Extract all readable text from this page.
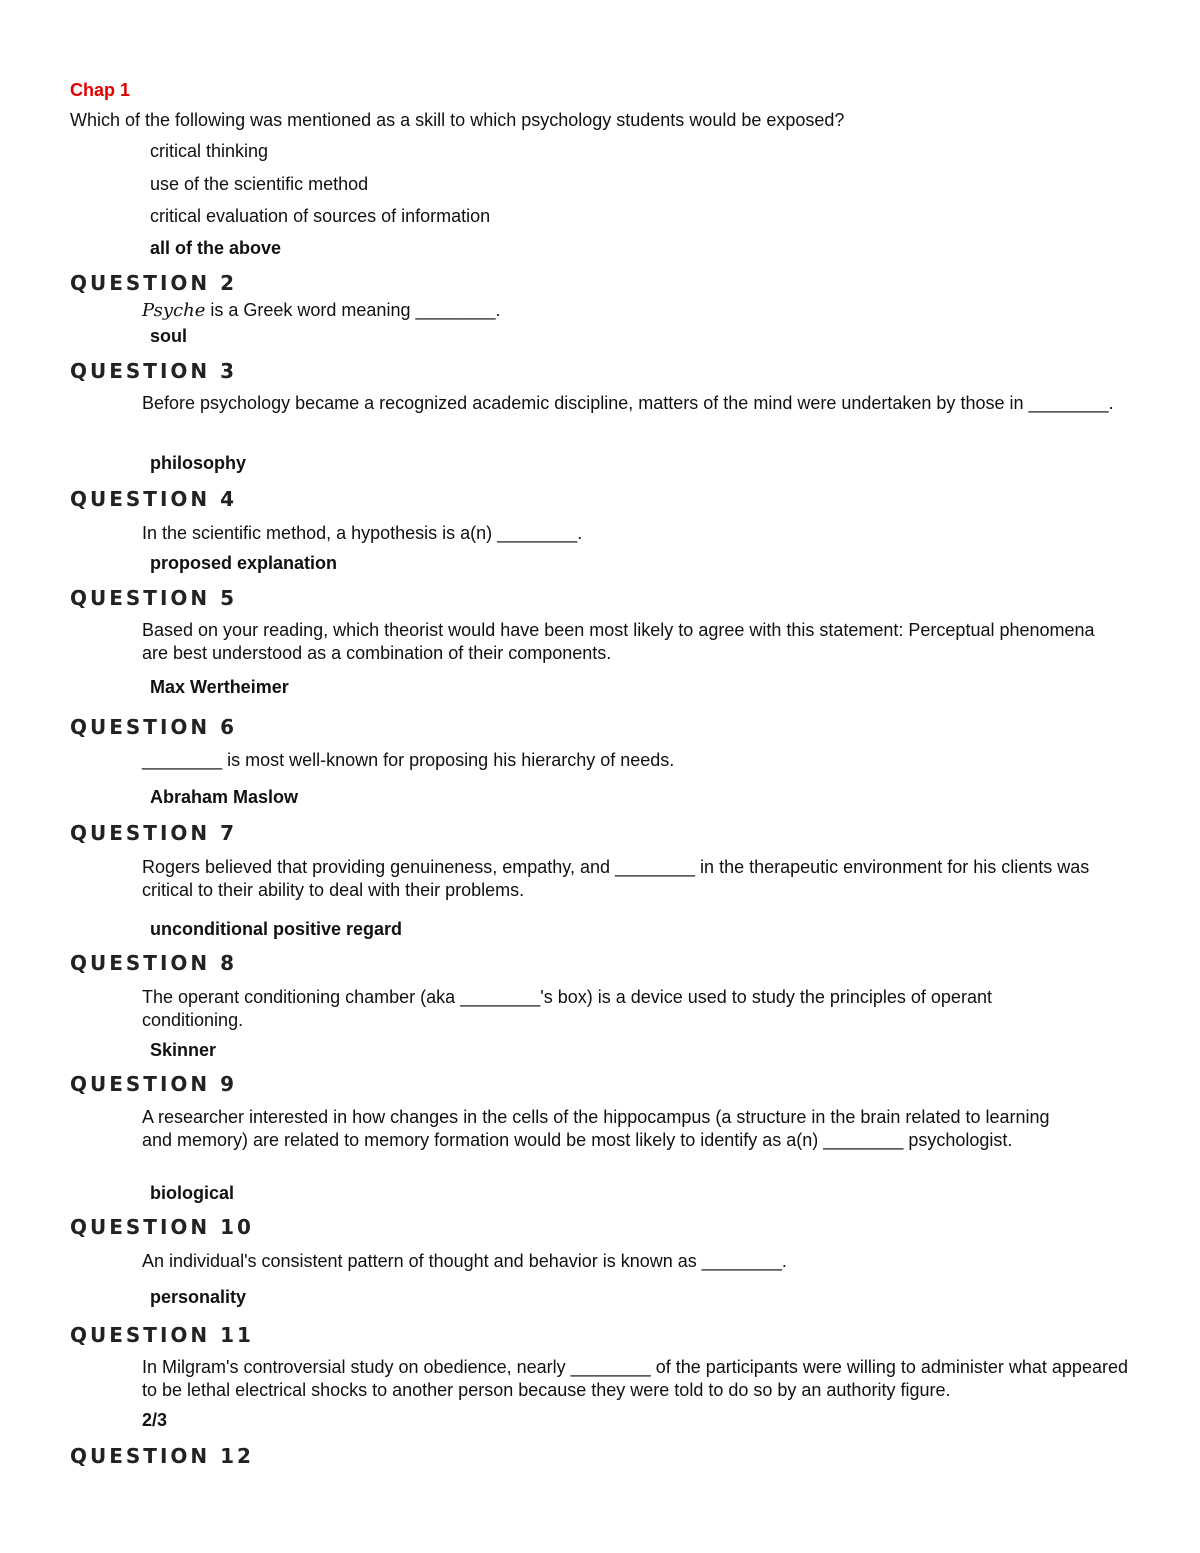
Chap 1
Which of the following was mentioned as a skill to which psychology students would be exposed?
critical thinking
use of the scientific method
critical evaluation of sources of information
all of the above
QUESTION 2
Psyche is a Greek word meaning ________.
soul
QUESTION 3
Before psychology became a recognized academic discipline, matters of the mind were undertaken by those in ________.
philosophy
QUESTION 4
In the scientific method, a hypothesis is a(n) ________.
proposed explanation
QUESTION 5
Based on your reading, which theorist would have been most likely to agree with this statement: Perceptual phenomena are best understood as a combination of their components.
Max Wertheimer
QUESTION 6
________ is most well-known for proposing his hierarchy of needs.
Abraham Maslow
QUESTION 7
Rogers believed that providing genuineness, empathy, and ________ in the therapeutic environment for his clients was critical to their ability to deal with their problems.
unconditional positive regard
QUESTION 8
The operant conditioning chamber (aka ________'s box) is a device used to study the principles of operant conditioning.
Skinner
QUESTION 9
A researcher interested in how changes in the cells of the hippocampus (a structure in the brain related to learning and memory) are related to memory formation would be most likely to identify as a(n) ________ psychologist.
biological
QUESTION 10
An individual's consistent pattern of thought and behavior is known as ________.
personality
QUESTION 11
In Milgram's controversial study on obedience, nearly ________ of the participants were willing to administer what appeared to be lethal electrical shocks to another person because they were told to do so by an authority figure.
2/3
QUESTION 12
